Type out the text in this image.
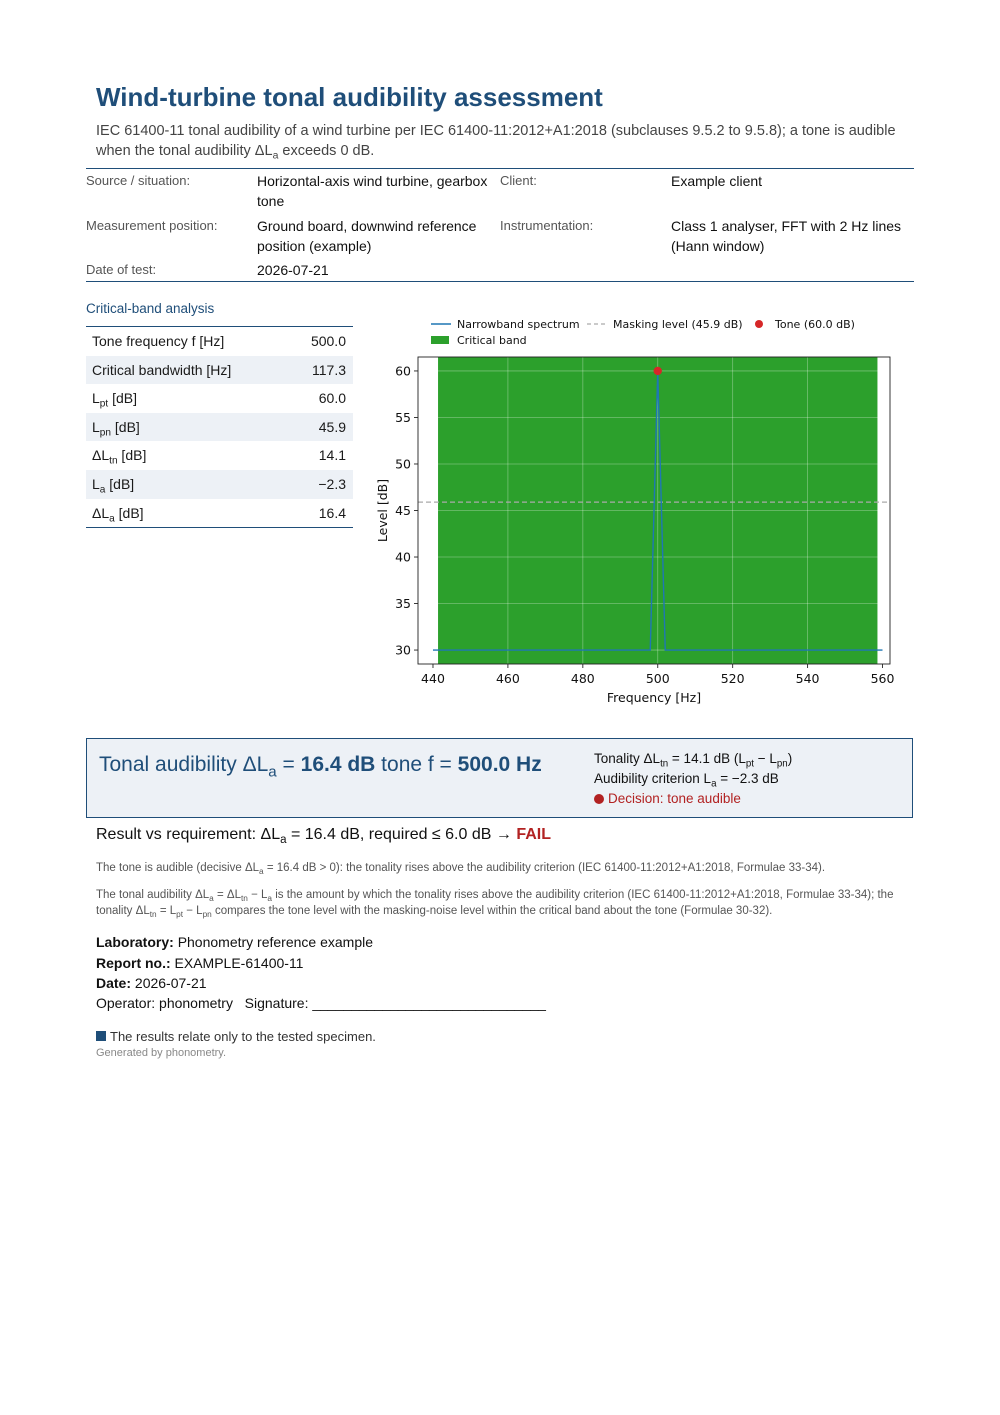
Wind-turbine tonal audibility assessment
IEC 61400-11 tonal audibility of a wind turbine per IEC 61400-11:2012+A1:2018 (subclauses 9.5.2 to 9.5.8); a tone is audible when the tonal audibility $\Delta L_a$ exceeds 0 dB.
Source / situation:	Horizontal-axis wind turbine, gearbox tone
Client:	Example client
Measurement position:	Ground board, downwind reference position (example)
Instrumentation:	Class 1 analyser, FFT with 2 Hz lines (Hann window)
Date of test:	2026-07-21
Critical-band analysis
Tone frequency f [Hz]	500.0
Critical bandwidth [Hz]	117.3
$L_{pt}$ [dB]	60.0
$L_{pn}$ [dB]	45.9
$\Delta L_{tn}$ [dB]	14.1
$L_a$ [dB]	−2.3
$\Delta L_a$ [dB]	16.4
440	460	480	500	520	540	560
30
35
40
45
50
55
60
Frequency [Hz]
Level [dB]
Narrowband spectrum	Masking level (45.9 dB)	Tone (60.0 dB)
Critical band
Tonal audibility $\Delta L_a = 16.4$ dB tone f = 500.0 Hz	Tonality $\Delta L_{tn} = 14.1$ dB $(L_{pt} - L_{pn})$
Audibility criterion $L_a = -2.3$ dB
Decision: tone audible
Result vs requirement: $\Delta L_a = 16.4$ dB, required ≤ 6.0 dB → FAIL
The tone is audible (decisive $\Delta L_a = 16.4$ dB > 0): the tonality rises above the audibility criterion (IEC 61400-11:2012+A1:2018, Formulae 33-34).
The tonal audibility $\Delta L_a = \Delta L_{tn} - L_a$ is the amount by which the tonality rises above the audibility criterion (IEC 61400-11:2012+A1:2018, Formulae 33-34); the tonality $\Delta L_{tn} = L_{pt} - L_{pn}$ compares the tone level with the masking-noise level within the critical band about the tone (Formulae 30-32).
Laboratory: Phonometry reference example
Report no.: EXAMPLE-61400-11
Date: 2026-07-21
Operator: phonometry Signature: ______________________________
The results relate only to the tested specimen.
Generated by phonometry.
